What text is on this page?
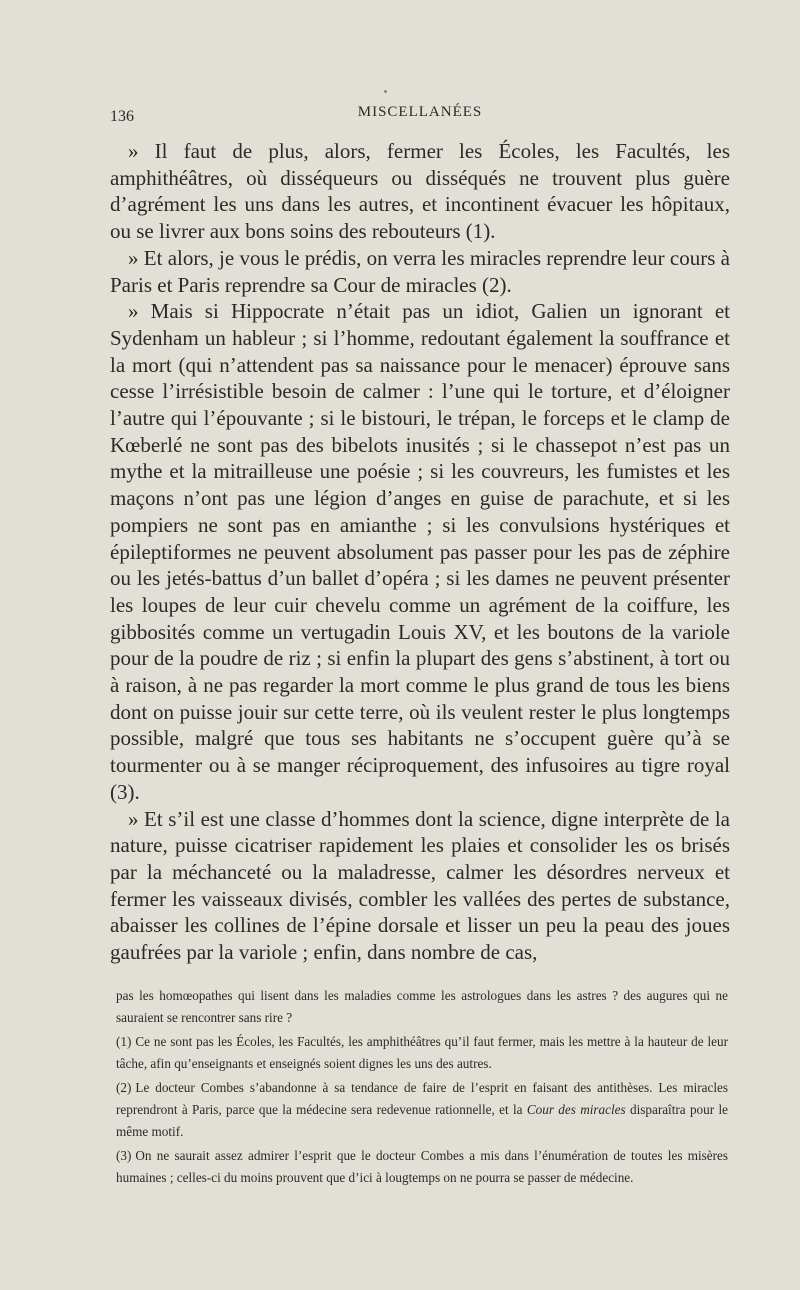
136	MISCELLANÉES

» Il faut de plus, alors, fermer les Écoles, les Facultés, les amphithéâtres, où disséqueurs ou disséqués ne trouvent plus guère d’agrément les uns dans les autres, et incontinent évacuer les hôpitaux, ou se livrer aux bons soins des rebouteurs (1).

» Et alors, je vous le prédis, on verra les miracles reprendre leur cours à Paris et Paris reprendre sa Cour de miracles (2).

» Mais si Hippocrate n’était pas un idiot, Galien un ignorant et Sydenham un hableur ; si l’homme, redoutant également la souffrance et la mort (qui n’attendent pas sa naissance pour le menacer) éprouve sans cesse l’irrésistible besoin de calmer : l’une qui le torture, et d’éloigner l’autre qui l’épouvante ; si le bistouri, le trépan, le forceps et le clamp de Kœberlé ne sont pas des bibelots inusités ; si le chassepot n’est pas un mythe et la mitrailleuse une poésie ; si les couvreurs, les fumistes et les maçons n’ont pas une légion d’anges en guise de parachute, et si les pompiers ne sont pas en amianthe ; si les convulsions hystériques et épileptiformes ne peuvent absolument pas passer pour les pas de zéphire ou les jetés-battus d’un ballet d’opéra ; si les dames ne peuvent présenter les loupes de leur cuir chevelu comme un agrément de la coiffure, les gibbosités comme un vertugadin Louis XV, et les boutons de la variole pour de la poudre de riz ; si enfin la plupart des gens s’abstinent, à tort ou à raison, à ne pas regarder la mort comme le plus grand de tous les biens dont on puisse jouir sur cette terre, où ils veulent rester le plus longtemps possible, malgré que tous ses habitants ne s’occupent guère qu’à se tourmenter ou à se manger réciproquement, des infusoires au tigre royal (3).

» Et s’il est une classe d’hommes dont la science, digne interprète de la nature, puisse cicatriser rapidement les plaies et consolider les os brisés par la méchanceté ou la maladresse, calmer les désordres nerveux et fermer les vaisseaux divisés, combler les vallées des pertes de substance, abaisser les collines de l’épine dorsale et lisser un peu la peau des joues gaufrées par la variole ; enfin, dans nombre de cas,

pas les homœopathes qui lisent dans les maladies comme les astrologues dans les astres ? des augures qui ne sauraient se rencontrer sans rire ?

(1) Ce ne sont pas les Écoles, les Facultés, les amphithéâtres qu’il faut fermer, mais les mettre à la hauteur de leur tâche, afin qu’enseignants et enseignés soient dignes les uns des autres.

(2) Le docteur Combes s’abandonne à sa tendance de faire de l’esprit en faisant des antithèses. Les miracles reprendront à Paris, parce que la médecine sera redevenue rationnelle, et la Cour des miracles disparaîtra pour le même motif.

(3) On ne saurait assez admirer l’esprit que le docteur Combes a mis dans l’énumération de toutes les misères humaines ; celles-ci du moins prouvent que d’ici à lougtemps on ne pourra se passer de médecine.
